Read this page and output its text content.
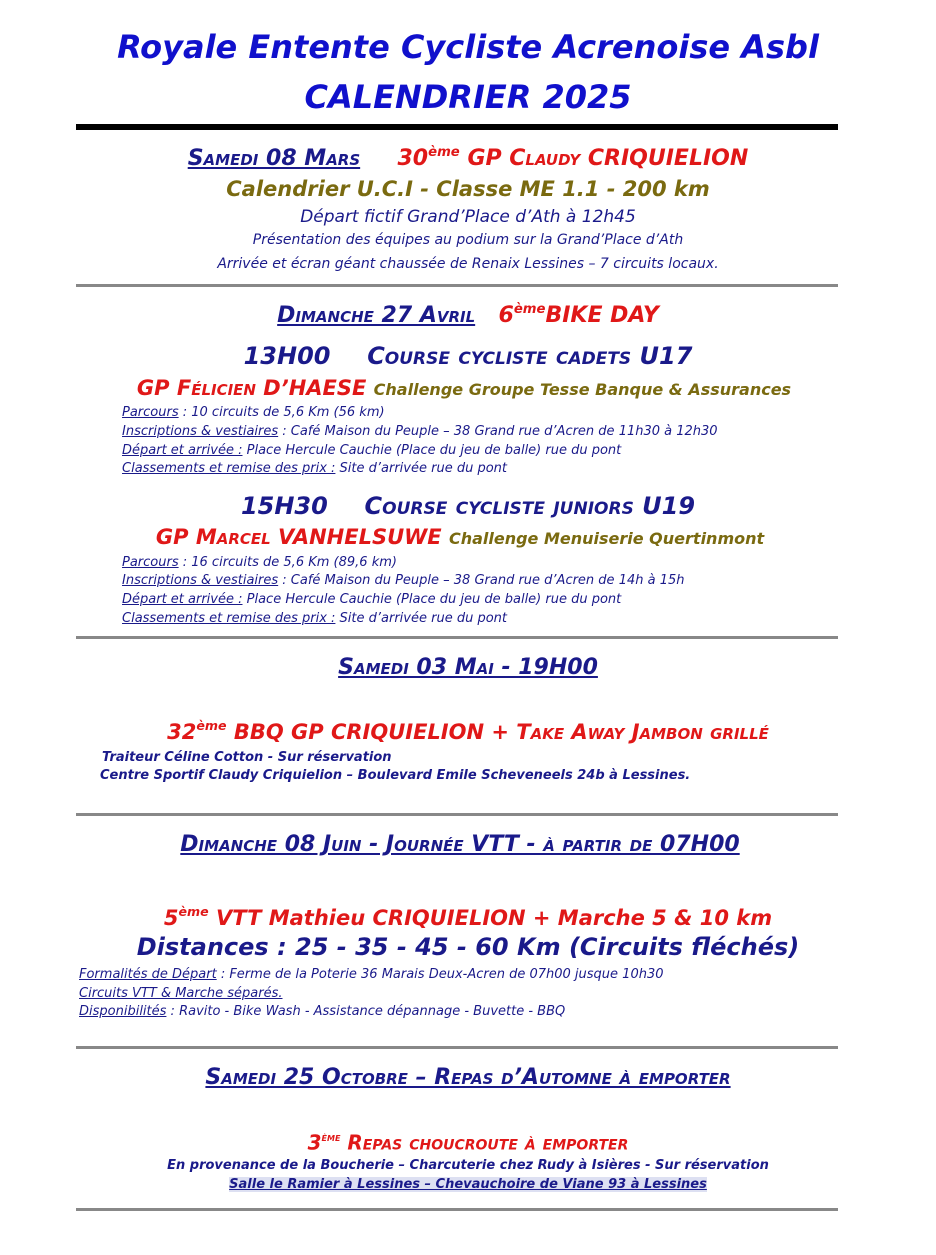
Royale Entente Cycliste Acrenoise Asbl
CALENDRIER 2025
Samedi 08 Mars 30ème GP Claudy CRIQUIELION
Calendrier U.C.I - Classe ME 1.1 - 200 km
Départ fictif Grand’Place d’Ath à 12h45
Présentation des équipes au podium sur la Grand’Place d’Ath
Arrivée et écran géant chaussée de Renaix Lessines – 7 circuits locaux.
Dimanche 27 Avril 6èmeBIKE DAY
13H00 Course cycliste cadets U17
GP Félicien D’HAESE Challenge Groupe Tesse Banque & Assurances
Parcours : 10 circuits de 5,6 Km (56 km)
Inscriptions & vestiaires : Café Maison du Peuple – 38 Grand rue d’Acren de 11h30 à 12h30
Départ et arrivée : Place Hercule Cauchie (Place du jeu de balle) rue du pont
Classements et remise des prix : Site d’arrivée rue du pont
15H30 Course cycliste juniors U19
GP Marcel VANHELSUWE Challenge Menuiserie Quertinmont
Parcours : 16 circuits de 5,6 Km (89,6 km)
Inscriptions & vestiaires : Café Maison du Peuple – 38 Grand rue d’Acren de 14h à 15h
Départ et arrivée : Place Hercule Cauchie (Place du jeu de balle) rue du pont
Classements et remise des prix : Site d’arrivée rue du pont
Samedi 03 Mai - 19H00
32ème BBQ GP CRIQUIELION + Take Away Jambon grillé
Traiteur Céline Cotton - Sur réservation
Centre Sportif Claudy Criquielion – Boulevard Emile Scheveneels 24b à Lessines.
Dimanche 08 Juin - Journée VTT - à partir de 07H00
5ème VTT Mathieu CRIQUIELION + Marche 5 & 10 km
Distances : 25 - 35 - 45 - 60 Km (Circuits fléchés)
Formalités de Départ : Ferme de la Poterie 36 Marais Deux-Acren de 07h00 jusque 10h30
Circuits VTT & Marche séparés.
Disponibilités : Ravito - Bike Wash - Assistance dépannage - Buvette - BBQ
Samedi 25 Octobre – Repas d’Automne à emporter
3ème Repas choucroute à emporter
En provenance de la Boucherie – Charcuterie chez Rudy à Isières - Sur réservation
Salle le Ramier à Lessines – Chevauchoire de Viane 93 à Lessines
